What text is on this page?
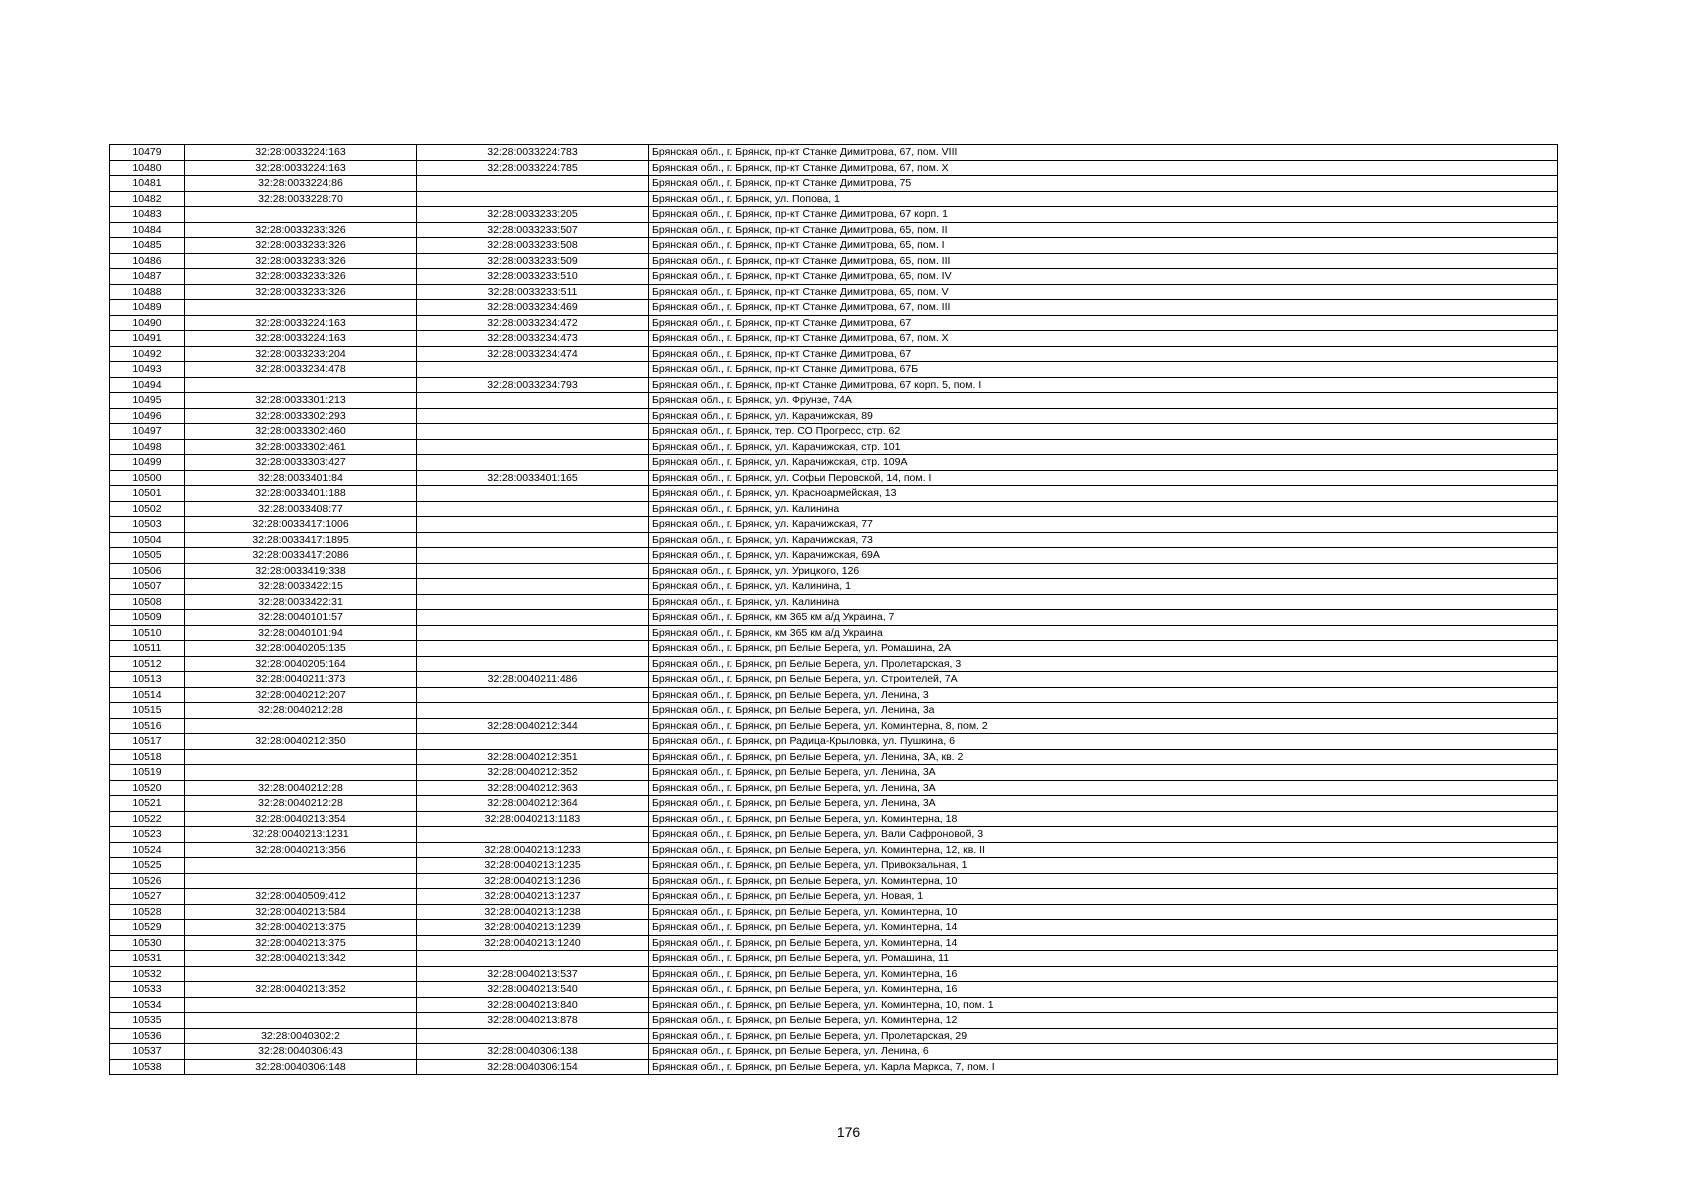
10479	32:28:0033224:163	32:28:0033224:783	Брянская обл., г. Брянск, пр-кт Станке Димитрова, 67, пом. VIII
10480	32:28:0033224:163	32:28:0033224:785	Брянская обл., г. Брянск, пр-кт Станке Димитрова, 67, пом. X
10481	32:28:0033224:86		Брянская обл., г. Брянск, пр-кт Станке Димитрова, 75
10482	32:28:0033228:70		Брянская обл., г. Брянск, ул. Попова, 1
10483		32:28:0033233:205	Брянская обл., г. Брянск, пр-кт Станке Димитрова, 67 корп. 1
10484	32:28:0033233:326	32:28:0033233:507	Брянская обл., г. Брянск, пр-кт Станке Димитрова, 65, пом. II
10485	32:28:0033233:326	32:28:0033233:508	Брянская обл., г. Брянск, пр-кт Станке Димитрова, 65, пом. I
10486	32:28:0033233:326	32:28:0033233:509	Брянская обл., г. Брянск, пр-кт Станке Димитрова, 65, пом. III
10487	32:28:0033233:326	32:28:0033233:510	Брянская обл., г. Брянск, пр-кт Станке Димитрова, 65, пом. IV
10488	32:28:0033233:326	32:28:0033233:511	Брянская обл., г. Брянск, пр-кт Станке Димитрова, 65, пом. V
10489		32:28:0033234:469	Брянская обл., г. Брянск, пр-кт Станке Димитрова, 67, пом. III
10490	32:28:0033224:163	32:28:0033234:472	Брянская обл., г. Брянск, пр-кт Станке Димитрова, 67
10491	32:28:0033224:163	32:28:0033234:473	Брянская обл., г. Брянск, пр-кт Станке Димитрова, 67, пом. X
10492	32:28:0033233:204	32:28:0033234:474	Брянская обл., г. Брянск, пр-кт Станке Димитрова, 67
10493	32:28:0033234:478		Брянская обл., г. Брянск, пр-кт Станке Димитрова, 67Б
10494		32:28:0033234:793	Брянская обл., г. Брянск, пр-кт Станке Димитрова, 67 корп. 5, пом. I
10495	32:28:0033301:213		Брянская обл., г. Брянск, ул. Фрунзе, 74А
10496	32:28:0033302:293		Брянская обл., г. Брянск, ул. Карачижская, 89
10497	32:28:0033302:460		Брянская обл., г. Брянск, тер. СО Прогресс, стр. 62
10498	32:28:0033302:461		Брянская обл., г. Брянск, ул. Карачижская, стр. 101
10499	32:28:0033303:427		Брянская обл., г. Брянск, ул. Карачижская, стр. 109А
10500	32:28:0033401:84	32:28:0033401:165	Брянская обл., г. Брянск, ул. Софьи Перовской, 14, пом. I
10501	32:28:0033401:188		Брянская обл., г. Брянск, ул. Красноармейская, 13
10502	32:28:0033408:77		Брянская обл., г. Брянск, ул. Калинина
10503	32:28:0033417:1006		Брянская обл., г. Брянск, ул. Карачижская, 77
10504	32:28:0033417:1895		Брянская обл., г. Брянск, ул. Карачижская, 73
10505	32:28:0033417:2086		Брянская обл., г. Брянск, ул. Карачижская, 69А
10506	32:28:0033419:338		Брянская обл., г. Брянск, ул. Урицкого, 126
10507	32:28:0033422:15		Брянская обл., г. Брянск, ул. Калинина, 1
10508	32:28:0033422:31		Брянская обл., г. Брянск, ул. Калинина
10509	32:28:0040101:57		Брянская обл., г. Брянск, км 365 км а/д Украина, 7
10510	32:28:0040101:94		Брянская обл., г. Брянск, км 365 км а/д Украина
10511	32:28:0040205:135		Брянская обл., г. Брянск, рп Белые Берега, ул. Ромашина, 2А
10512	32:28:0040205:164		Брянская обл., г. Брянск, рп Белые Берега, ул. Пролетарская, 3
10513	32:28:0040211:373	32:28:0040211:486	Брянская обл., г. Брянск, рп Белые Берега, ул. Строителей, 7А
10514	32:28:0040212:207		Брянская обл., г. Брянск, рп Белые Берега, ул. Ленина, 3
10515	32:28:0040212:28		Брянская обл., г. Брянск, рп Белые Берега, ул. Ленина, 3а
10516		32:28:0040212:344	Брянская обл., г. Брянск, рп Белые Берега, ул. Коминтерна, 8, пом. 2
10517	32:28:0040212:350		Брянская обл., г. Брянск, рп Радица-Крыловка, ул. Пушкина, 6
10518		32:28:0040212:351	Брянская обл., г. Брянск, рп Белые Берега, ул. Ленина, 3А, кв. 2
10519		32:28:0040212:352	Брянская обл., г. Брянск, рп Белые Берега, ул. Ленина, 3А
10520	32:28:0040212:28	32:28:0040212:363	Брянская обл., г. Брянск, рп Белые Берега, ул. Ленина, 3А
10521	32:28:0040212:28	32:28:0040212:364	Брянская обл., г. Брянск, рп Белые Берега, ул. Ленина, 3А
10522	32:28:0040213:354	32:28:0040213:1183	Брянская обл., г. Брянск, рп Белые Берега, ул. Коминтерна, 18
10523	32:28:0040213:1231		Брянская обл., г. Брянск, рп Белые Берега, ул. Вали Сафроновой, 3
10524	32:28:0040213:356	32:28:0040213:1233	Брянская обл., г. Брянск, рп Белые Берега, ул. Коминтерна, 12, кв. II
10525		32:28:0040213:1235	Брянская обл., г. Брянск, рп Белые Берега, ул. Привокзальная, 1
10526		32:28:0040213:1236	Брянская обл., г. Брянск, рп Белые Берега, ул. Коминтерна, 10
10527	32:28:0040509:412	32:28:0040213:1237	Брянская обл., г. Брянск, рп Белые Берега, ул. Новая, 1
10528	32:28:0040213:584	32:28:0040213:1238	Брянская обл., г. Брянск, рп Белые Берега, ул. Коминтерна, 10
10529	32:28:0040213:375	32:28:0040213:1239	Брянская обл., г. Брянск, рп Белые Берега, ул. Коминтерна, 14
10530	32:28:0040213:375	32:28:0040213:1240	Брянская обл., г. Брянск, рп Белые Берега, ул. Коминтерна, 14
10531	32:28:0040213:342		Брянская обл., г. Брянск, рп Белые Берега, ул. Ромашина, 11
10532		32:28:0040213:537	Брянская обл., г. Брянск, рп Белые Берега, ул. Коминтерна, 16
10533	32:28:0040213:352	32:28:0040213:540	Брянская обл., г. Брянск, рп Белые Берега, ул. Коминтерна, 16
10534		32:28:0040213:840	Брянская обл., г. Брянск, рп Белые Берега, ул. Коминтерна, 10, пом. 1
10535		32:28:0040213:878	Брянская обл., г. Брянск, рп Белые Берега, ул. Коминтерна, 12
10536	32:28:0040302:2		Брянская обл., г. Брянск, рп Белые Берега, ул. Пролетарская, 29
10537	32:28:0040306:43	32:28:0040306:138	Брянская обл., г. Брянск, рп Белые Берега, ул. Ленина, 6
10538	32:28:0040306:148	32:28:0040306:154	Брянская обл., г. Брянск, рп Белые Берега, ул. Карла Маркса, 7, пом. I
176
